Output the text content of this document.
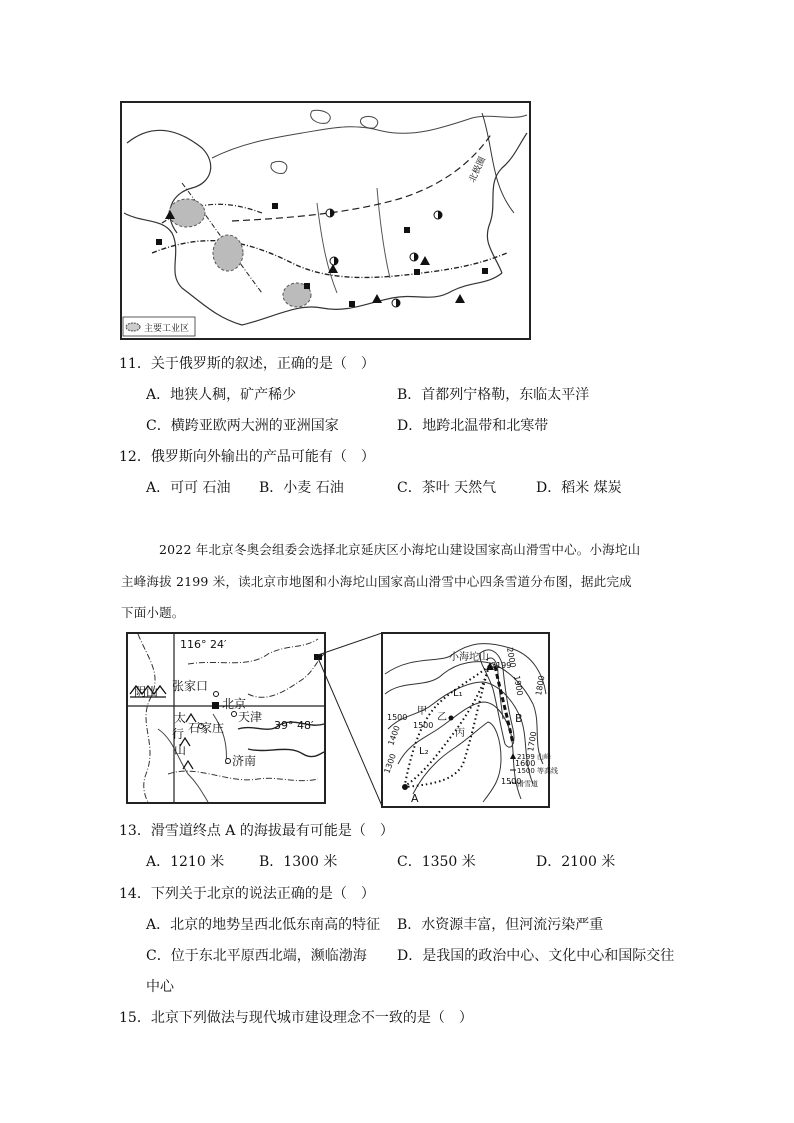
北极圈
主要工业区
11．关于俄罗斯的叙述，正确的是（　）
A．地狭人稠，矿产稀少	B．首都列宁格勒，东临太平洋
C．横跨亚欧两大洲的亚洲国家	D．地跨北温带和北寒带
12．俄罗斯向外输出的产品可能有（　）
A．可可 石油 B．小麦 石油	C．茶叶 天然气	D．稻米 煤炭
2022 年北京冬奥会组委会选择北京延庆区小海坨山建设国家高山滑雪中心。小海坨山
主峰海拔 2199 米，读北京市地图和小海坨山国家高山滑雪中心四条雪道分布图，据此完成
下面小题。
116° 24′
39° 48′
张家口
北京
天津
石家庄
济南
阴山
太
行
山
小海坨山
2199
A
B
甲
乙
丙
L₁
L₂
1300
1400
1500
1500
1500
1600
1700
1800
2000
1900
2199 山峰
1500 等高线
滑雪道
13．滑雪道终点 A 的海拔最有可能是（　）
A．1210 米 B．1300 米	C．1350 米	D．2100 米
14．下列关于北京的说法正确的是（　）
A．北京的地势呈西北低东南高的特征 B．水资源丰富，但河流污染严重
C．位于东北平原西北端，濒临渤海 D．是我国的政治中心、文化中心和国际交往
中心
15．北京下列做法与现代城市建设理念不一致的是（　）
